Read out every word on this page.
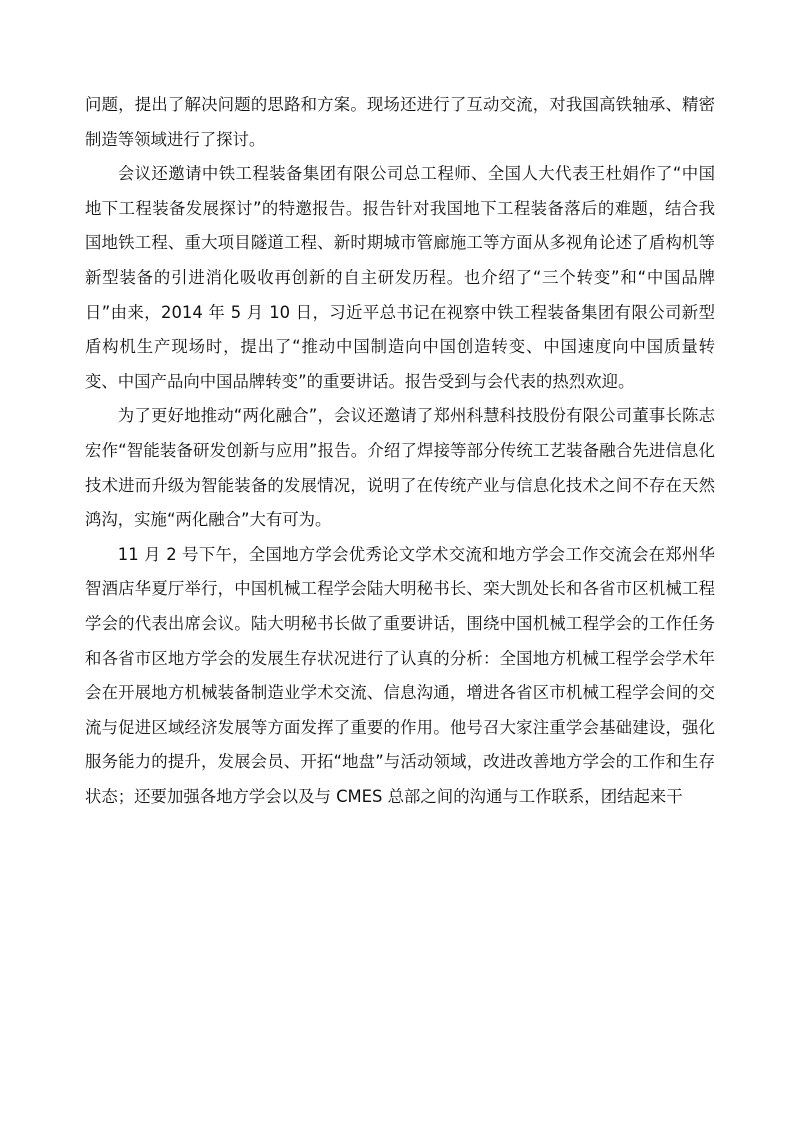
问题，提出了解决问题的思路和方案。现场还进行了互动交流，对我国高铁轴承、精密制造等领域进行了探讨。

会议还邀请中铁工程装备集团有限公司总工程师、全国人大代表王杜娟作了“中国地下工程装备发展探讨”的特邀报告。报告针对我国地下工程装备落后的难题，结合我国地铁工程、重大项目隧道工程、新时期城市管廊施工等方面从多视角论述了盾构机等新型装备的引进消化吸收再创新的自主研发历程。也介绍了“三个转变”和“中国品牌日”由来，2014 年 5 月 10 日，习近平总书记在视察中铁工程装备集团有限公司新型盾构机生产现场时，提出了“推动中国制造向中国创造转变、中国速度向中国质量转变、中国产品向中国品牌转变”的重要讲话。报告受到与会代表的热烈欢迎。

为了更好地推动“两化融合”，会议还邀请了郑州科慧科技股份有限公司董事长陈志宏作“智能装备研发创新与应用”报告。介绍了焊接等部分传统工艺装备融合先进信息化技术进而升级为智能装备的发展情况，说明了在传统产业与信息化技术之间不存在天然鸿沟，实施“两化融合”大有可为。

11 月 2 号下午，全国地方学会优秀论文学术交流和地方学会工作交流会在郑州华智酒店华夏厅举行，中国机械工程学会陆大明秘书长、栾大凯处长和各省市区机械工程学会的代表出席会议。陆大明秘书长做了重要讲话，围绕中国机械工程学会的工作任务和各省市区地方学会的发展生存状况进行了认真的分析：全国地方机械工程学会学术年会在开展地方机械装备制造业学术交流、信息沟通，增进各省区市机械工程学会间的交流与促进区域经济发展等方面发挥了重要的作用。他号召大家注重学会基础建设，强化服务能力的提升，发展会员、开拓“地盘”与活动领域，改进改善地方学会的工作和生存状态；还要加强各地方学会以及与 CMES 总部之间的沟通与工作联系，团结起来干
